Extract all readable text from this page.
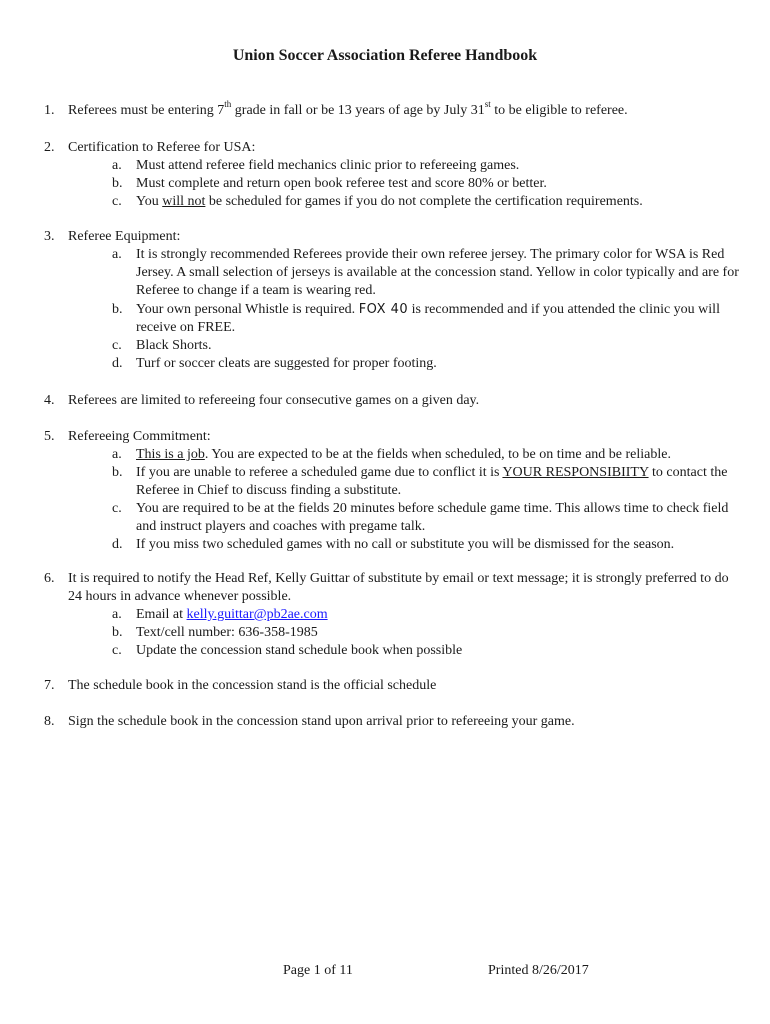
Union Soccer Association Referee Handbook
1. Referees must be entering 7th grade in fall or be 13 years of age by July 31st to be eligible to referee.
2. Certification to Referee for USA:
a. Must attend referee field mechanics clinic prior to refereeing games.
b. Must complete and return open book referee test and score 80% or better.
c. You will not be scheduled for games if you do not complete the certification requirements.
3. Referee Equipment:
a. It is strongly recommended Referees provide their own referee jersey. The primary color for WSA is Red Jersey. A small selection of jerseys is available at the concession stand. Yellow in color typically and are for Referee to change if a team is wearing red.
b. Your own personal Whistle is required. FOX 40 is recommended and if you attended the clinic you will receive on FREE.
c. Black Shorts.
d. Turf or soccer cleats are suggested for proper footing.
4. Referees are limited to refereeing four consecutive games on a given day.
5. Refereeing Commitment:
a. This is a job. You are expected to be at the fields when scheduled, to be on time and be reliable.
b. If you are unable to referee a scheduled game due to conflict it is YOUR RESPONSIBIITY to contact the Referee in Chief to discuss finding a substitute.
c. You are required to be at the fields 20 minutes before schedule game time. This allows time to check field and instruct players and coaches with pregame talk.
d. If you miss two scheduled games with no call or substitute you will be dismissed for the season.
6. It is required to notify the Head Ref, Kelly Guittar of substitute by email or text message; it is strongly preferred to do 24 hours in advance whenever possible.
a. Email at kelly.guittar@pb2ae.com
b. Text/cell number: 636-358-1985
c. Update the concession stand schedule book when possible
7. The schedule book in the concession stand is the official schedule
8. Sign the schedule book in the concession stand upon arrival prior to refereeing your game.
Page 1 of 11	Printed 8/26/2017
